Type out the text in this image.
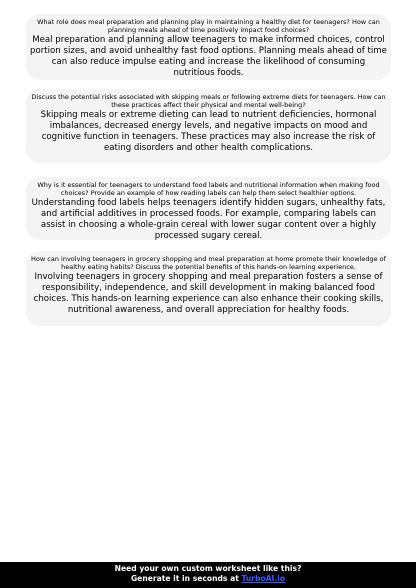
What role does meal preparation and planning play in maintaining a healthy diet for teenagers? How can planning meals ahead of time positively impact food choices?
Meal preparation and planning allow teenagers to make informed choices, control portion sizes, and avoid unhealthy fast food options. Planning meals ahead of time can also reduce impulse eating and increase the likelihood of consuming nutritious foods.
Discuss the potential risks associated with skipping meals or following extreme diets for teenagers. How can these practices affect their physical and mental well-being?
Skipping meals or extreme dieting can lead to nutrient deficiencies, hormonal imbalances, decreased energy levels, and negative impacts on mood and cognitive function in teenagers. These practices may also increase the risk of eating disorders and other health complications.
Why is it essential for teenagers to understand food labels and nutritional information when making food choices? Provide an example of how reading labels can help them select healthier options.
Understanding food labels helps teenagers identify hidden sugars, unhealthy fats, and artificial additives in processed foods. For example, comparing labels can assist in choosing a whole-grain cereal with lower sugar content over a highly processed sugary cereal.
How can involving teenagers in grocery shopping and meal preparation at home promote their knowledge of healthy eating habits? Discuss the potential benefits of this hands-on learning experience.
Involving teenagers in grocery shopping and meal preparation fosters a sense of responsibility, independence, and skill development in making balanced food choices. This hands-on learning experience can also enhance their cooking skills, nutritional awareness, and overall appreciation for healthy foods.
Need your own custom worksheet like this?
Generate it in seconds at TurboAI.io
